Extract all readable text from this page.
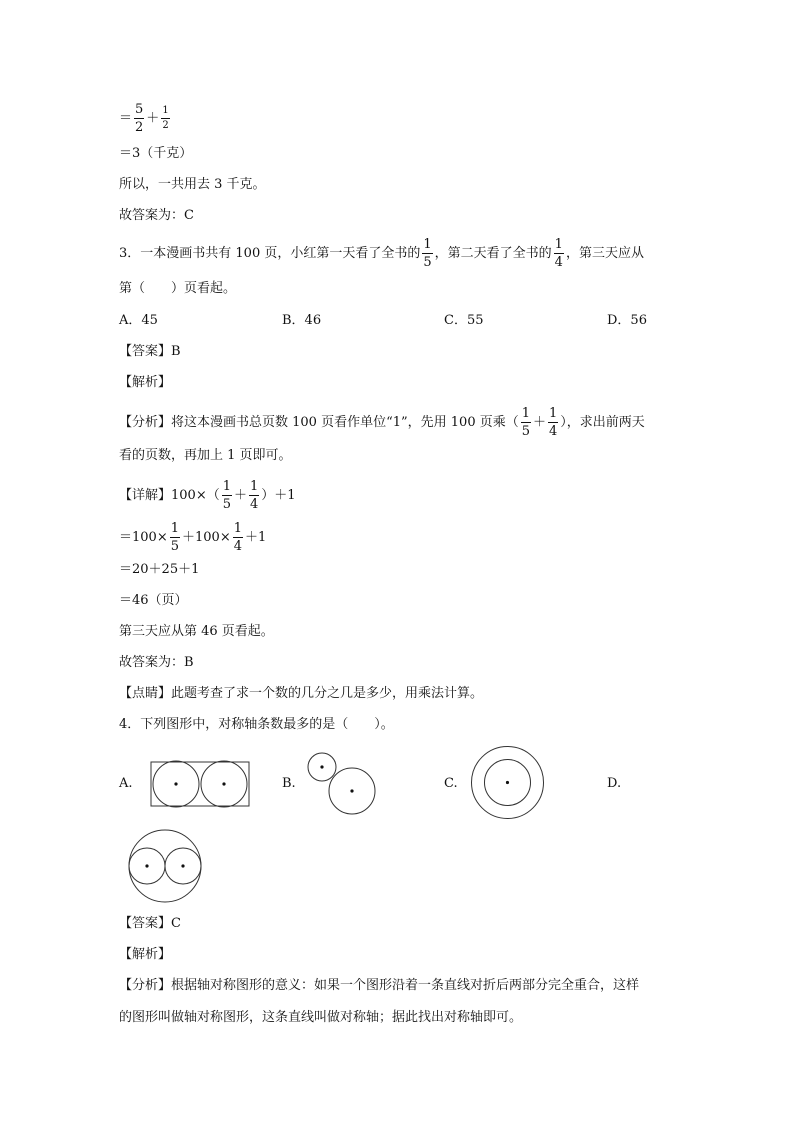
＝ $\frac{5}{2} + \frac{1}{2}$
＝3（千克）
所以，一共用去 3 千克。
故答案为：C
3．一本漫画书共有 100 页，小红第一天看了全书的 $\frac{1}{5}$ ，第二天看了全书的 $\frac{1}{4}$ ，第三天应从
第（　　）页看起。
A．45	B．46	C．55	D．56
【答案】B
【解析】
【分析】将这本漫画书总页数 100 页看作单位“1”，先用 100 页乘（ $\frac{1}{5} + \frac{1}{4}$ ），求出前两天
看的页数，再加上 1 页即可。
【详解】$100\times( \frac{1}{5} + \frac{1}{4} )+1$
$=100\times \frac{1}{5} +100\times \frac{1}{4} +1$
＝20＋25＋1
＝46（页）
第三天应从第 46 页看起。
故答案为：B
【点睛】此题考查了求一个数的几分之几是多少，用乘法计算。
4．下列图形中，对称轴条数最多的是（　　）。
A.	B.	C.	D.
【答案】C
【解析】
【分析】根据轴对称图形的意义：如果一个图形沿着一条直线对折后两部分完全重合，这样
的图形叫做轴对称图形，这条直线叫做对称轴；据此找出对称轴即可。
